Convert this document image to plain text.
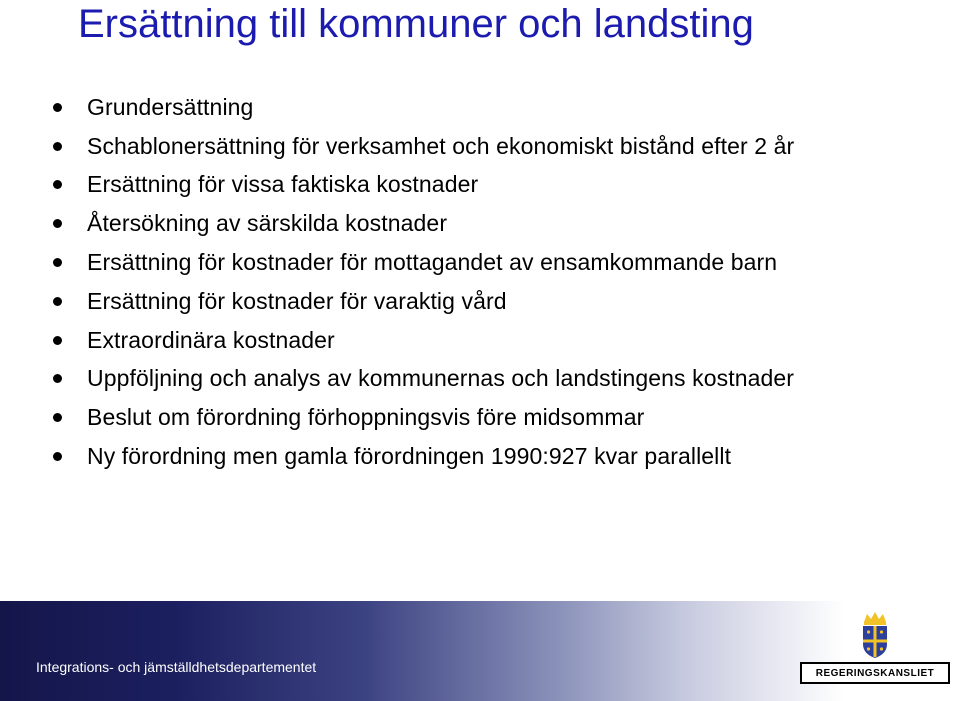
Ersättning till kommuner och landsting
Grundersättning
Schablonersättning för verksamhet och ekonomiskt bistånd efter 2 år
Ersättning för vissa faktiska kostnader
Återsökning av särskilda kostnader
Ersättning för kostnader för mottagandet av ensamkommande barn
Ersättning för kostnader för varaktig vård
Extraordinära kostnader
Uppföljning och analys av kommunernas och landstingens kostnader
Beslut om förordning förhoppningsvis före midsommar
Ny förordning men gamla förordningen 1990:927 kvar parallellt
Integrations- och jämställdhetsdepartementet	REGERINGSKANSLIET
